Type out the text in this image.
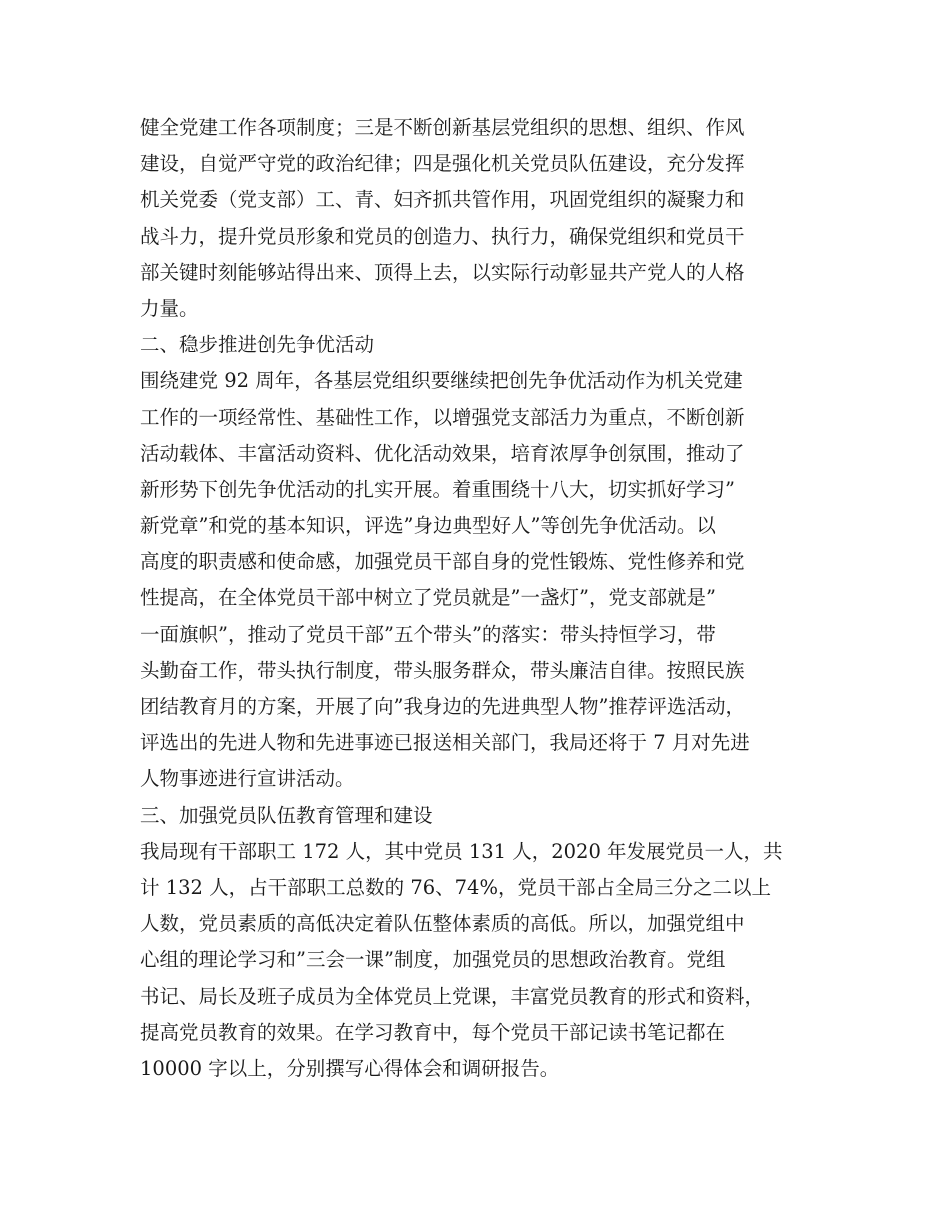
健全党建工作各项制度；三是不断创新基层党组织的思想、组织、作风
建设，自觉严守党的政治纪律；四是强化机关党员队伍建设，充分发挥
机关党委（党支部）工、青、妇齐抓共管作用，巩固党组织的凝聚力和
战斗力，提升党员形象和党员的创造力、执行力，确保党组织和党员干
部关键时刻能够站得出来、顶得上去，以实际行动彰显共产党人的人格
力量。
二、稳步推进创先争优活动
围绕建党 92 周年，各基层党组织要继续把创先争优活动作为机关党建
工作的一项经常性、基础性工作，以增强党支部活力为重点，不断创新
活动载体、丰富活动资料、优化活动效果，培育浓厚争创氛围，推动了
新形势下创先争优活动的扎实开展。着重围绕十八大，切实抓好学习”
新党章”和党的基本知识，评选”身边典型好人”等创先争优活动。以
高度的职责感和使命感，加强党员干部自身的党性锻炼、党性修养和党
性提高，在全体党员干部中树立了党员就是”一盏灯”，党支部就是”
一面旗帜”，推动了党员干部”五个带头”的落实：带头持恒学习，带
头勤奋工作，带头执行制度，带头服务群众，带头廉洁自律。按照民族
团结教育月的方案，开展了向”我身边的先进典型人物”推荐评选活动，
评选出的先进人物和先进事迹已报送相关部门，我局还将于 7 月对先进
人物事迹进行宣讲活动。
三、加强党员队伍教育管理和建设
我局现有干部职工 172 人，其中党员 131 人，2020 年发展党员一人，共
计 132 人，占干部职工总数的 76、74%，党员干部占全局三分之二以上
人数，党员素质的高低决定着队伍整体素质的高低。所以，加强党组中
心组的理论学习和”三会一课”制度，加强党员的思想政治教育。党组
书记、局长及班子成员为全体党员上党课，丰富党员教育的形式和资料，
提高党员教育的效果。在学习教育中，每个党员干部记读书笔记都在
10000 字以上，分别撰写心得体会和调研报告。
